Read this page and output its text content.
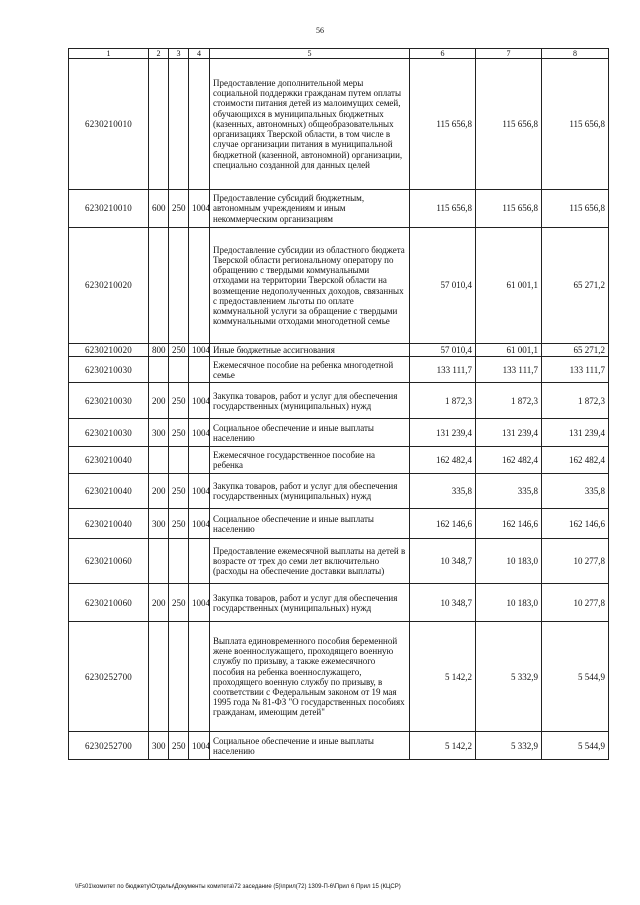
56
1	2	3	4	5	6	7	8
6230210010				Предоставление дополнительной меры социальной поддержки гражданам путем оплаты стоимости питания детей из малоимущих семей, обучающихся в муниципальных бюджетных (казенных, автономных) общеобразовательных организациях Тверской области, в том числе в случае организации питания в муниципальной бюджетной (казенной, автономной) организации, специально созданной для данных целей	115 656,8	115 656,8	115 656,8
6230210010	600	250	1004	Предоставление субсидий бюджетным, автономным учреждениям и иным некоммерческим организациям	115 656,8	115 656,8	115 656,8
6230210020				Предоставление субсидии из областного бюджета Тверской области региональному оператору по обращению с твердыми коммунальными отходами на территории Тверской области на возмещение недополученных доходов, связанных с предоставлением льготы по оплате коммунальной услуги за обращение с твердыми коммунальными отходами многодетной семье	57 010,4	61 001,1	65 271,2
6230210020	800	250	1004	Иные бюджетные ассигнования	57 010,4	61 001,1	65 271,2
6230210030				Ежемесячное пособие на ребенка многодетной семье	133 111,7	133 111,7	133 111,7
6230210030	200	250	1004	Закупка товаров, работ и услуг для обеспечения государственных (муниципальных) нужд	1 872,3	1 872,3	1 872,3
6230210030	300	250	1004	Социальное обеспечение и иные выплаты населению	131 239,4	131 239,4	131 239,4
6230210040				Ежемесячное государственное пособие на ребенка	162 482,4	162 482,4	162 482,4
6230210040	200	250	1004	Закупка товаров, работ и услуг для обеспечения государственных (муниципальных) нужд	335,8	335,8	335,8
6230210040	300	250	1004	Социальное обеспечение и иные выплаты населению	162 146,6	162 146,6	162 146,6
6230210060				Предоставление ежемесячной выплаты на детей в возрасте от трех до семи лет включительно (расходы на обеспечение доставки выплаты)	10 348,7	10 183,0	10 277,8
6230210060	200	250	1004	Закупка товаров, работ и услуг для обеспечения государственных (муниципальных) нужд	10 348,7	10 183,0	10 277,8
6230252700				Выплата единовременного пособия беременной жене военнослужащего, проходящего военную службу по призыву, а также ежемесячного пособия на ребенка военнослужащего, проходящего военную службу по призыву, в соответствии с Федеральным законом от 19 мая 1995 года № 81-ФЗ "О государственных пособиях гражданам, имеющим детей"	5 142,2	5 332,9	5 544,9
6230252700	300	250	1004	Социальное обеспечение и иные выплаты населению	5 142,2	5 332,9	5 544,9
\\Fs01\комитет по бюджету\Отделы\Документы комитета\72 заседание (5)\прил(72) 1309-П-6\Прил 6 Прил 15 (КЦСР)
